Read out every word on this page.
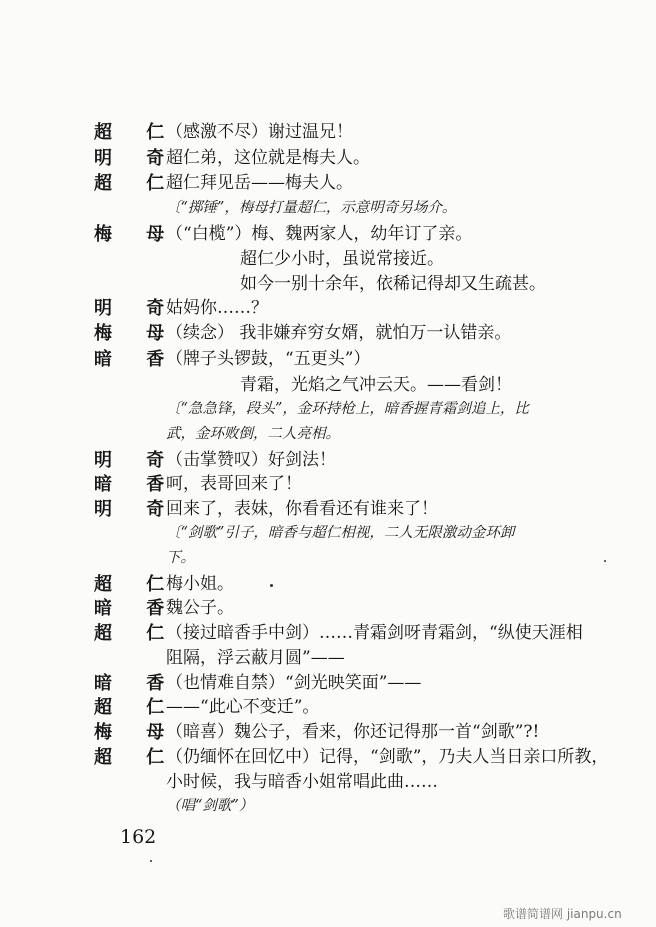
超 仁
（感激不尽）谢过温兄！
明 奇
超仁弟，这位就是梅夫人。
超 仁
超仁拜见岳——梅夫人。
〔“掷锤”，梅母打量超仁，示意明奇另场介。
梅 母
（“白榄”）梅、魏两家人，幼年订了亲。
超仁少小时，虽说常接近。
如今一别十余年，依稀记得却又生疏甚。
明 奇
姑妈你……？
梅 母
（续念） 我非嫌弃穷女婿，就怕万一认错亲。
暗 香
（牌子头锣鼓，“五更头”）
青霜，光焰之气冲云天。——看剑！
〔“急急锋，段头”，金环持枪上，暗香握青霜剑追上，比
武，金环败倒，二人亮相。
明 奇
（击掌赞叹）好剑法！
暗 香
呵，表哥回来了！
明 奇
回来了，表妹，你看看还有谁来了！
〔“剑歌”引子，暗香与超仁相视，二人无限激动金环卸
下。
超 仁
梅小姐。
暗 香
魏公子。
超 仁
（接过暗香手中剑）……青霜剑呀青霜剑，“纵使天涯相
阻隔，浮云蔽月圆”——
暗 香
（也情难自禁）“剑光映笑面”——
超 仁
——“此心不变迁”。
梅 母
（暗喜）魏公子，看来，你还记得那一首“剑歌”?!
超 仁
（仍缅怀在回忆中）记得，“剑歌”，乃夫人当日亲口所教，
小时候，我与暗香小姐常唱此曲……
（唱“剑歌”）
162
歌谱简谱网 jianpu.cn
